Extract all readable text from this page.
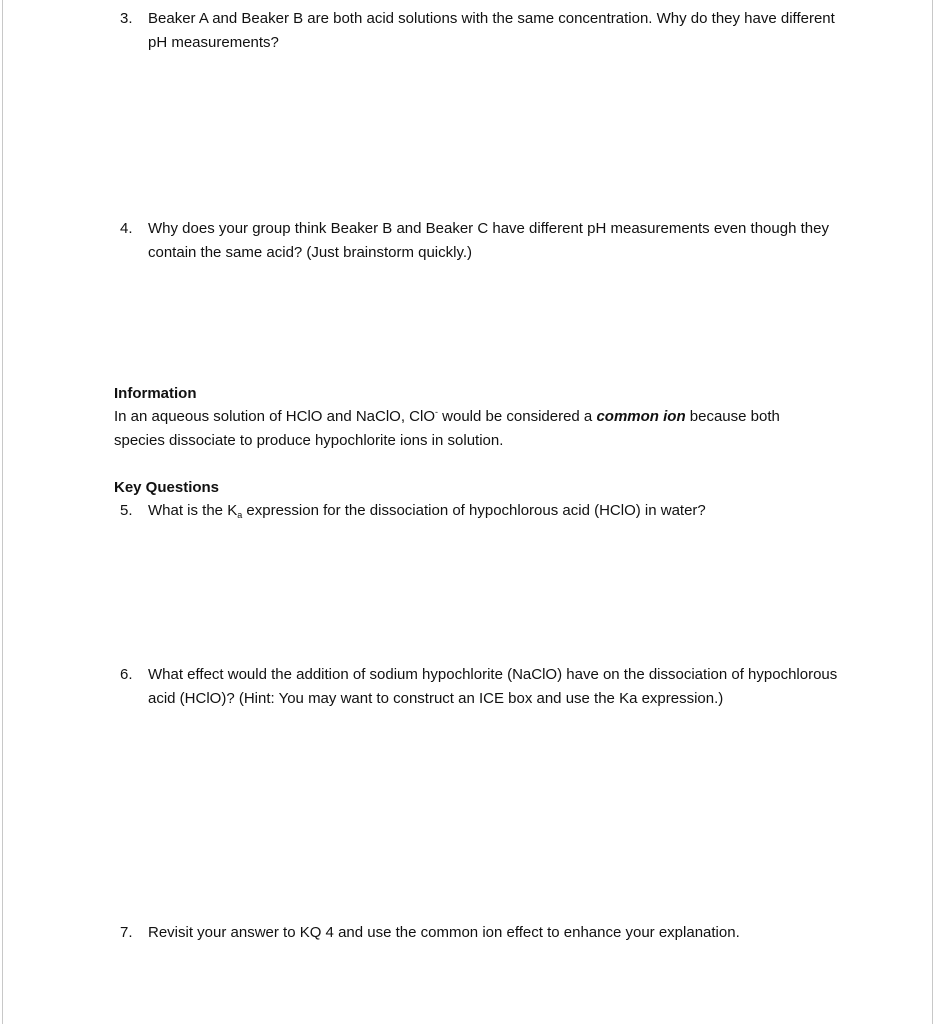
3.	Beaker A and Beaker B are both acid solutions with the same concentration. Why do they have different pH measurements?
4.	Why does your group think Beaker B and Beaker C have different pH measurements even though they contain the same acid? (Just brainstorm quickly.)
Information
In an aqueous solution of HClO and NaClO, ClO- would be considered a common ion because both species dissociate to produce hypochlorite ions in solution.
Key Questions
5.	What is the $K_a$ expression for the dissociation of hypochlorous acid (HClO) in water?
6.	What effect would the addition of sodium hypochlorite (NaClO) have on the dissociation of hypochlorous acid (HClO)? (Hint: You may want to construct an ICE box and use the Ka expression.)
7.	Revisit your answer to KQ 4 and use the common ion effect to enhance your explanation.
